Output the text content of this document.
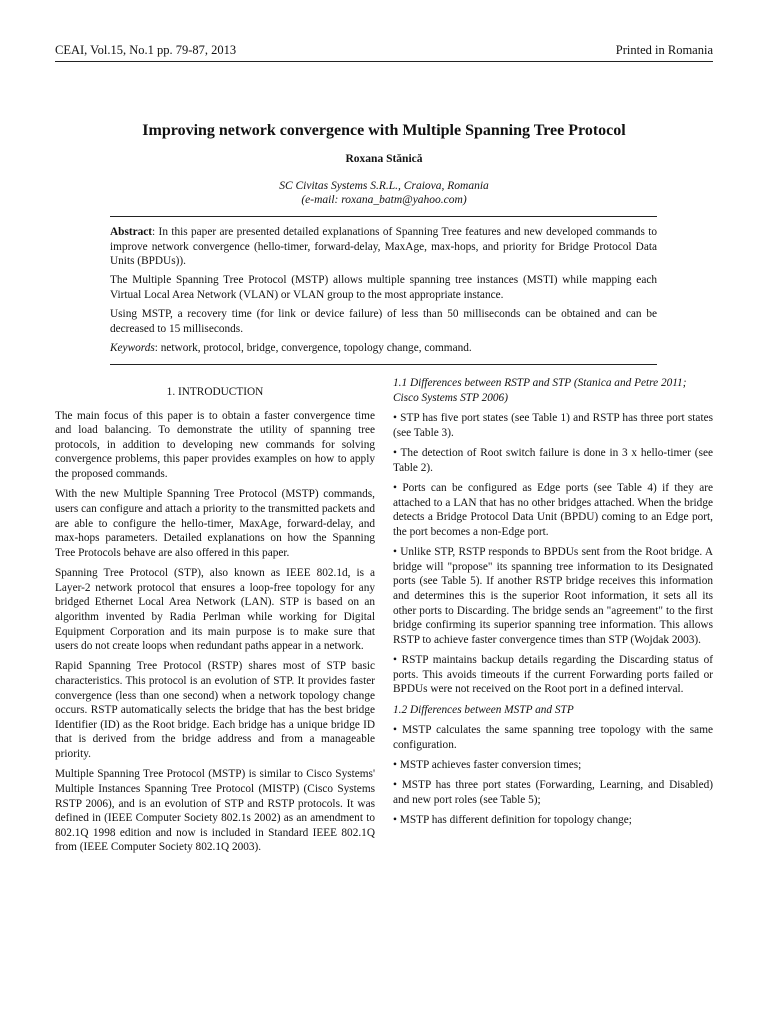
CEAI, Vol.15, No.1 pp. 79-87, 2013	Printed in Romania
Improving network convergence with Multiple Spanning Tree Protocol
Roxana Stănică
SC Civitas Systems S.R.L., Craiova, Romania
(e-mail: roxana_batm@yahoo.com)

Abstract: In this paper are presented detailed explanations of Spanning Tree features and new developed commands to improve network convergence (hello-timer, forward-delay, MaxAge, max-hops, and priority for Bridge Protocol Data Units (BPDUs)).

The Multiple Spanning Tree Protocol (MSTP) allows multiple spanning tree instances (MSTI) while mapping each Virtual Local Area Network (VLAN) or VLAN group to the most appropriate instance.

Using MSTP, a recovery time (for link or device failure) of less than 50 milliseconds can be obtained and can be decreased to 15 milliseconds.

Keywords: network, protocol, bridge, convergence, topology change, command.

1. INTRODUCTION

The main focus of this paper is to obtain a faster convergence time and load balancing. To demonstrate the utility of spanning tree protocols, in addition to developing new commands for solving convergence problems, this paper provides examples on how to apply the proposed commands.

With the new Multiple Spanning Tree Protocol (MSTP) commands, users can configure and attach a priority to the transmitted packets and are able to configure the hello-timer, MaxAge, forward-delay, and max-hops parameters. Detailed explanations on how the Spanning Tree Protocols behave are also offered in this paper.

Spanning Tree Protocol (STP), also known as IEEE 802.1d, is a Layer-2 network protocol that ensures a loop-free topology for any bridged Ethernet Local Area Network (LAN). STP is based on an algorithm invented by Radia Perlman while working for Digital Equipment Corporation and its main purpose is to make sure that users do not create loops when redundant paths appear in a network.

Rapid Spanning Tree Protocol (RSTP) shares most of STP basic characteristics. This protocol is an evolution of STP. It provides faster convergence (less than one second) when a network topology change occurs. RSTP automatically selects the bridge that has the best bridge Identifier (ID) as the Root bridge. Each bridge has a unique bridge ID that is derived from the bridge address and from a manageable priority.

Multiple Spanning Tree Protocol (MSTP) is similar to Cisco Systems' Multiple Instances Spanning Tree Protocol (MISTP) (Cisco Systems RSTP 2006), and is an evolution of STP and RSTP protocols. It was defined in (IEEE Computer Society 802.1s 2002) as an amendment to 802.1Q 1998 edition and now is included in Standard IEEE 802.1Q from (IEEE Computer Society 802.1Q 2003).

1.1 Differences between RSTP and STP (Stanica and Petre 2011; Cisco Systems STP 2006)

• STP has five port states (see Table 1) and RSTP has three port states (see Table 3).

• The detection of Root switch failure is done in 3 x hello-timer (see Table 2).

• Ports can be configured as Edge ports (see Table 4) if they are attached to a LAN that has no other bridges attached. When the bridge detects a Bridge Protocol Data Unit (BPDU) coming to an Edge port, the port becomes a non-Edge port.

• Unlike STP, RSTP responds to BPDUs sent from the Root bridge. A bridge will "propose" its spanning tree information to its Designated ports (see Table 5). If another RSTP bridge receives this information and determines this is the superior Root information, it sets all its other ports to Discarding. The bridge sends an "agreement" to the first bridge confirming its superior spanning tree information. This allows RSTP to achieve faster convergence times than STP (Wojdak 2003).

• RSTP maintains backup details regarding the Discarding status of ports. This avoids timeouts if the current Forwarding ports failed or BPDUs were not received on the Root port in a defined interval.

1.2 Differences between MSTP and STP

• MSTP calculates the same spanning tree topology with the same configuration.

• MSTP achieves faster conversion times;

• MSTP has three port states (Forwarding, Learning, and Disabled) and new port roles (see Table 5);

• MSTP has different definition for topology change;
